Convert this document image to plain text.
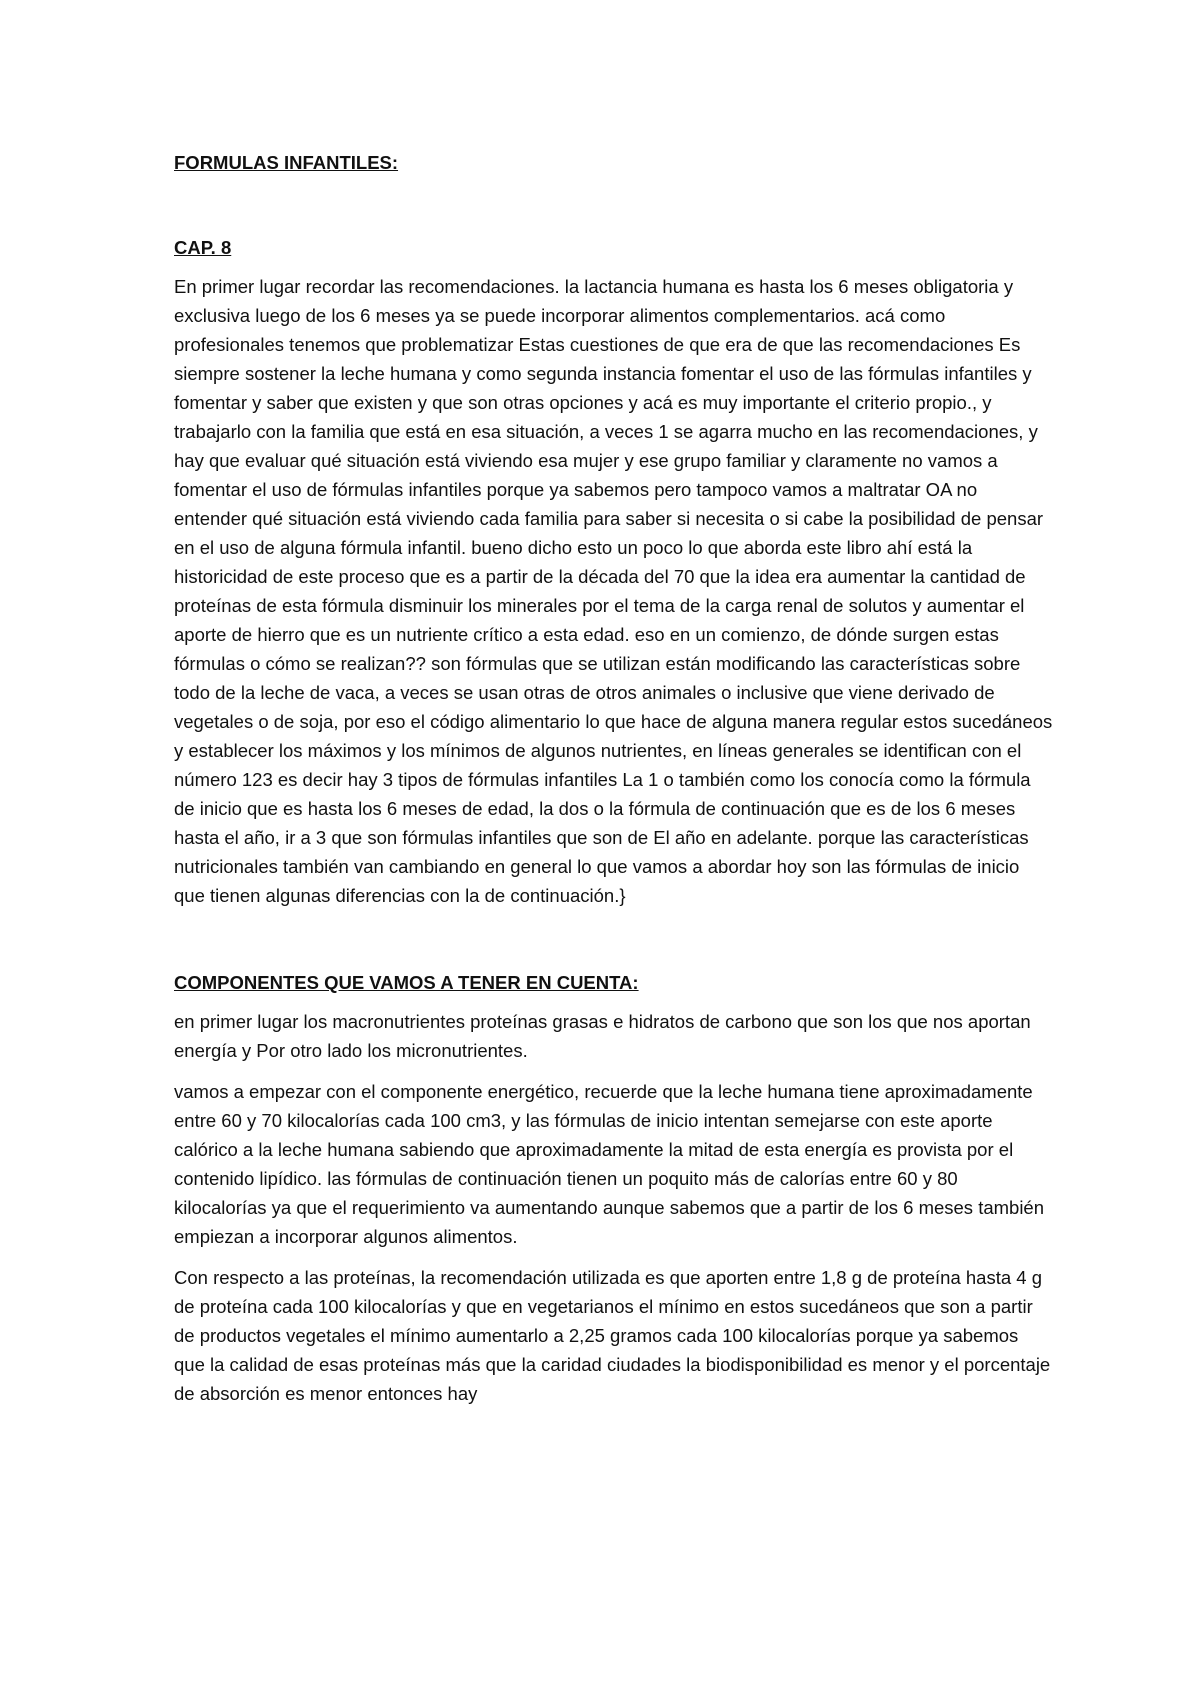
FORMULAS INFANTILES:
CAP. 8

En primer lugar recordar las recomendaciones. la lactancia humana es hasta los 6 meses obligatoria y exclusiva luego de los 6 meses ya se puede incorporar alimentos complementarios. acá como profesionales tenemos que problematizar Estas cuestiones de que era de que las recomendaciones Es siempre sostener la leche humana y como segunda instancia fomentar el uso de las fórmulas infantiles y fomentar y saber que existen y que son otras opciones y acá es muy importante el criterio propio., y trabajarlo con la familia que está en esa situación, a veces 1 se agarra mucho en las recomendaciones, y hay que evaluar qué situación está viviendo esa mujer y ese grupo familiar y claramente no vamos a fomentar el uso de fórmulas infantiles porque ya sabemos pero tampoco vamos a maltratar OA no entender qué situación está viviendo cada familia para saber si necesita o si cabe la posibilidad de pensar en el uso de alguna fórmula infantil. bueno dicho esto un poco lo que aborda este libro ahí está la historicidad de este proceso que es a partir de la década del 70 que la idea era aumentar la cantidad de proteínas de esta fórmula disminuir los minerales por el tema de la carga renal de solutos y aumentar el aporte de hierro que es un nutriente crítico a esta edad. eso en un comienzo, de dónde surgen estas fórmulas o cómo se realizan?? son fórmulas que se utilizan están modificando las características sobre todo de la leche de vaca, a veces se usan otras de otros animales o inclusive que viene derivado de vegetales o de soja, por eso el código alimentario lo que hace de alguna manera regular estos sucedáneos y establecer los máximos y los mínimos de algunos nutrientes, en líneas generales se identifican con el número 123 es decir hay 3 tipos de fórmulas infantiles La 1 o también como los conocía como la fórmula de inicio que es hasta los 6 meses de edad, la dos o la fórmula de continuación que es de los 6 meses hasta el año, ir a 3 que son fórmulas infantiles que son de El año en adelante. porque las características nutricionales también van cambiando en general lo que vamos a abordar hoy son las fórmulas de inicio que tienen algunas diferencias con la de continuación.}

COMPONENTES QUE VAMOS A TENER EN CUENTA:

en primer lugar los macronutrientes proteínas grasas e hidratos de carbono que son los que nos aportan energía y Por otro lado los micronutrientes.

vamos a empezar con el componente energético, recuerde que la leche humana tiene aproximadamente entre 60 y 70 kilocalorías cada 100 cm3, y las fórmulas de inicio intentan semejarse con este aporte calórico a la leche humana sabiendo que aproximadamente la mitad de esta energía es provista por el contenido lipídico. las fórmulas de continuación tienen un poquito más de calorías entre 60 y 80 kilocalorías ya que el requerimiento va aumentando aunque sabemos que a partir de los 6 meses también empiezan a incorporar algunos alimentos.

Con respecto a las proteínas, la recomendación utilizada es que aporten entre 1,8 g de proteína hasta 4 g de proteína cada 100 kilocalorías y que en vegetarianos el mínimo en estos sucedáneos que son a partir de productos vegetales el mínimo aumentarlo a 2,25 gramos cada 100 kilocalorías porque ya sabemos que la calidad de esas proteínas más que la caridad ciudades la biodisponibilidad es menor y el porcentaje de absorción es menor entonces hay
